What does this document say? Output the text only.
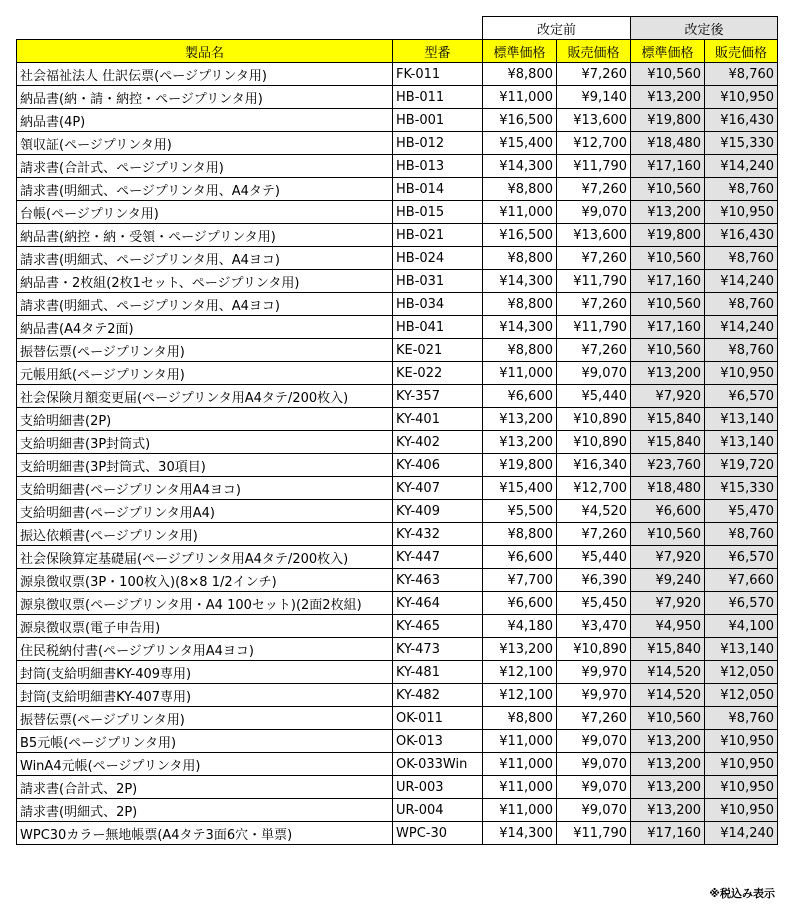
		改定前		改定後	
製品名	型番	標準価格	販売価格	標準価格	販売価格
社会福祉法人 仕訳伝票(ページプリンタ用)	FK-011	¥8,800	¥7,260	¥10,560	¥8,760
納品書(納・請・納控・ページプリンタ用)	HB-011	¥11,000	¥9,140	¥13,200	¥10,950
納品書(4P)	HB-001	¥16,500	¥13,600	¥19,800	¥16,430
領収証(ページプリンタ用)	HB-012	¥15,400	¥12,700	¥18,480	¥15,330
請求書(合計式、ページプリンタ用)	HB-013	¥14,300	¥11,790	¥17,160	¥14,240
請求書(明細式、ページプリンタ用、A4タテ)	HB-014	¥8,800	¥7,260	¥10,560	¥8,760
台帳(ページプリンタ用)	HB-015	¥11,000	¥9,070	¥13,200	¥10,950
納品書(納控・納・受領・ページプリンタ用)	HB-021	¥16,500	¥13,600	¥19,800	¥16,430
請求書(明細式、ページプリンタ用、A4ヨコ)	HB-024	¥8,800	¥7,260	¥10,560	¥8,760
納品書・2枚組(2枚1セット、ページプリンタ用)	HB-031	¥14,300	¥11,790	¥17,160	¥14,240
請求書(明細式、ページプリンタ用、A4ヨコ)	HB-034	¥8,800	¥7,260	¥10,560	¥8,760
納品書(A4タテ2面)	HB-041	¥14,300	¥11,790	¥17,160	¥14,240
振替伝票(ページプリンタ用)	KE-021	¥8,800	¥7,260	¥10,560	¥8,760
元帳用紙(ページプリンタ用)	KE-022	¥11,000	¥9,070	¥13,200	¥10,950
社会保険月額変更届(ページプリンタ用A4タテ/200枚入)	KY-357	¥6,600	¥5,440	¥7,920	¥6,570
支給明細書(2P)	KY-401	¥13,200	¥10,890	¥15,840	¥13,140
支給明細書(3P封筒式)	KY-402	¥13,200	¥10,890	¥15,840	¥13,140
支給明細書(3P封筒式、30項目)	KY-406	¥19,800	¥16,340	¥23,760	¥19,720
支給明細書(ページプリンタ用A4ヨコ)	KY-407	¥15,400	¥12,700	¥18,480	¥15,330
支給明細書(ページプリンタ用A4)	KY-409	¥5,500	¥4,520	¥6,600	¥5,470
振込依頼書(ページプリンタ用)	KY-432	¥8,800	¥7,260	¥10,560	¥8,760
社会保険算定基礎届(ページプリンタ用A4タテ/200枚入)	KY-447	¥6,600	¥5,440	¥7,920	¥6,570
源泉徴収票(3P・100枚入)(8×8 1/2インチ)	KY-463	¥7,700	¥6,390	¥9,240	¥7,660
源泉徴収票(ページプリンタ用・A4 100セット)(2面2枚組)	KY-464	¥6,600	¥5,450	¥7,920	¥6,570
源泉徴収票(電子申告用)	KY-465	¥4,180	¥3,470	¥4,950	¥4,100
住民税納付書(ページプリンタ用A4ヨコ)	KY-473	¥13,200	¥10,890	¥15,840	¥13,140
封筒(支給明細書KY-409専用)	KY-481	¥12,100	¥9,970	¥14,520	¥12,050
封筒(支給明細書KY-407専用)	KY-482	¥12,100	¥9,970	¥14,520	¥12,050
振替伝票(ページプリンタ用)	OK-011	¥8,800	¥7,260	¥10,560	¥8,760
B5元帳(ページプリンタ用)	OK-013	¥11,000	¥9,070	¥13,200	¥10,950
WinA4元帳(ページプリンタ用)	OK-033Win	¥11,000	¥9,070	¥13,200	¥10,950
請求書(合計式、2P)	UR-003	¥11,000	¥9,070	¥13,200	¥10,950
請求書(明細式、2P)	UR-004	¥11,000	¥9,070	¥13,200	¥10,950
WPC30カラー無地帳票(A4タテ3面6穴・単票)	WPC-30	¥14,300	¥11,790	¥17,160	¥14,240
※税込み表示
